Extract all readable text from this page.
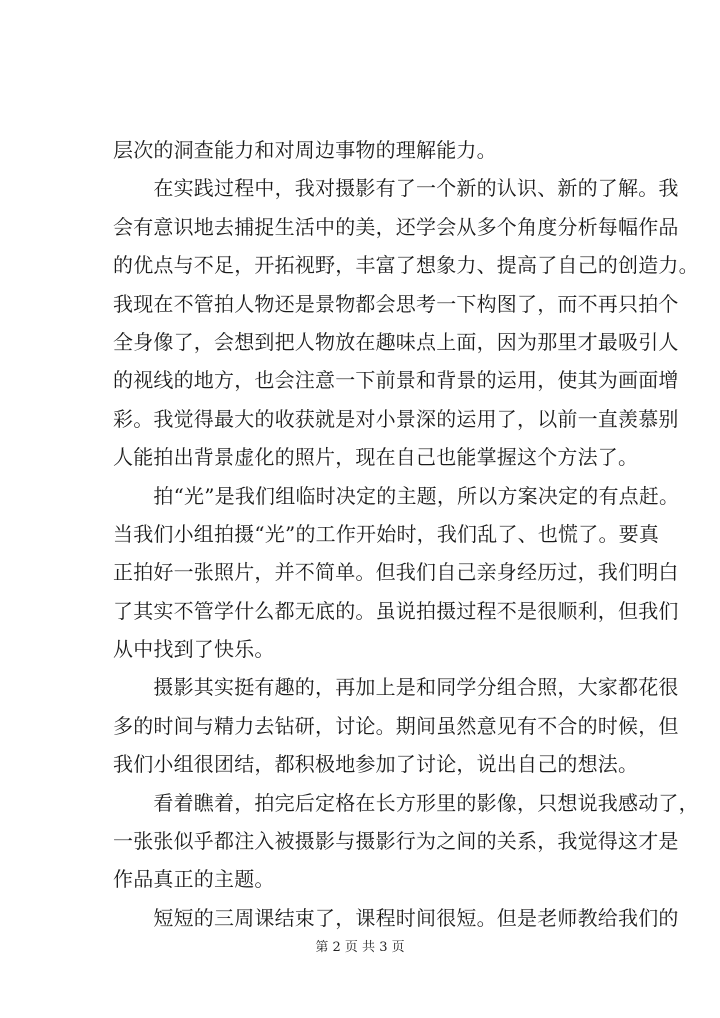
层次的洞查能力和对周边事物的理解能力。
　　在实践过程中，我对摄影有了一个新的认识、新的了解。我
会有意识地去捕捉生活中的美，还学会从多个角度分析每幅作品
的优点与不足，开拓视野，丰富了想象力、提高了自己的创造力。
我现在不管拍人物还是景物都会思考一下构图了，而不再只拍个
全身像了，会想到把人物放在趣味点上面，因为那里才最吸引人
的视线的地方，也会注意一下前景和背景的运用，使其为画面增
彩。我觉得最大的收获就是对小景深的运用了，以前一直羡慕别
人能拍出背景虚化的照片，现在自己也能掌握这个方法了。
　　拍“光”是我们组临时决定的主题，所以方案决定的有点赶。
当我们小组拍摄“光”的工作开始时，我们乱了、也慌了。要真
正拍好一张照片，并不简单。但我们自己亲身经历过，我们明白
了其实不管学什么都无底的。虽说拍摄过程不是很顺利，但我们
从中找到了快乐。
　　摄影其实挺有趣的，再加上是和同学分组合照，大家都花很
多的时间与精力去钻研，讨论。期间虽然意见有不合的时候，但
我们小组很团结，都积极地参加了讨论，说出自己的想法。
　　看着瞧着，拍完后定格在长方形里的影像，只想说我感动了，
一张张似乎都注入被摄影与摄影行为之间的关系，我觉得这才是
作品真正的主题。
　　短短的三周课结束了，课程时间很短。但是老师教给我们的
第 2 页 共 3 页
